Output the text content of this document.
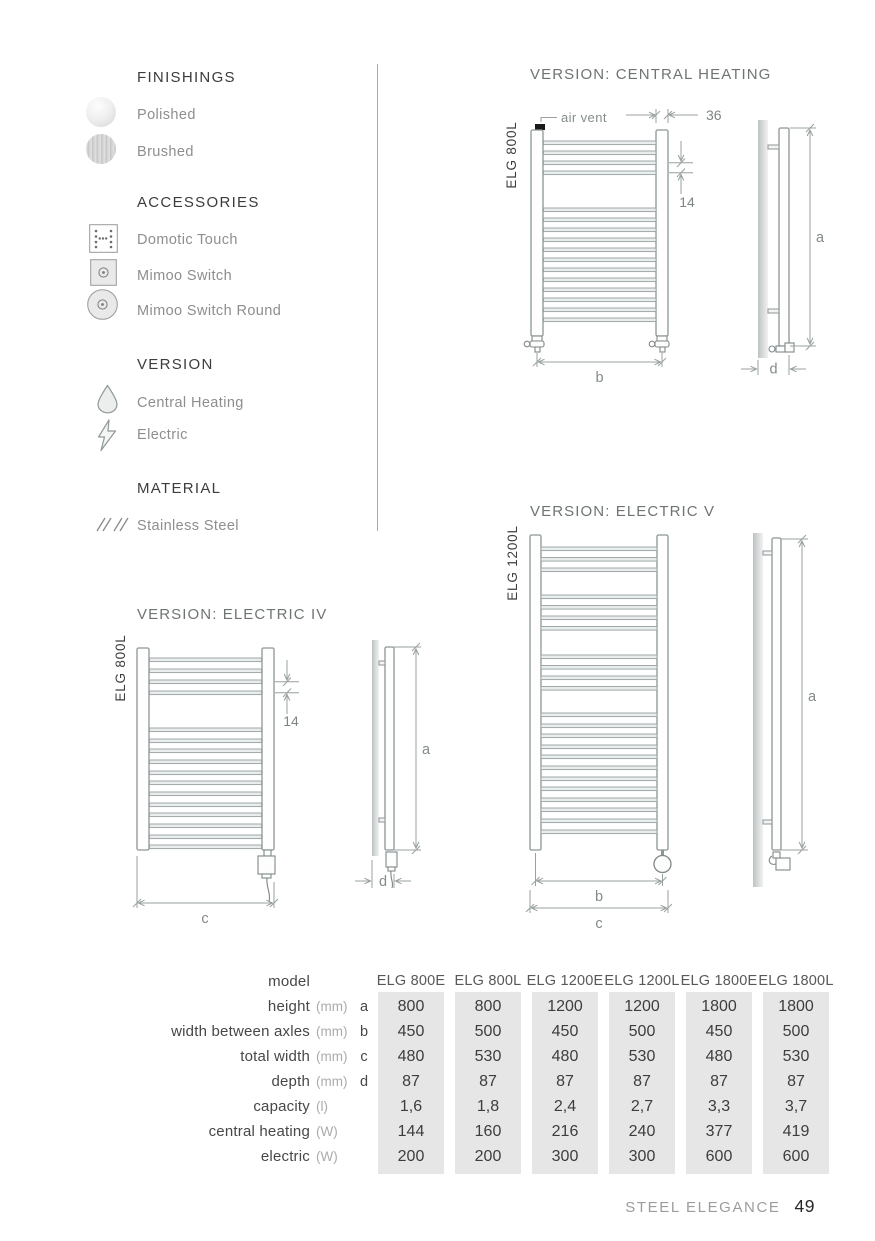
FINISHINGS
Polished
Brushed
ACCESSORIES
Domotic Touch
Mimoo Switch
Mimoo Switch Round
VERSION
Central Heating
Electric
MATERIAL
Stainless Steel
VERSION: CENTRAL HEATING
ELG 800L
air vent	36
14
b
a
d
VERSION: ELECTRIC IV
ELG 800L
14
c
a
d
VERSION: ELECTRIC V
ELG 1200L
b
c
a
model	ELG 800E ELG 800L ELG 1200E ELG 1200L ELG 1800E ELG 1800L
height (mm) a	800	800	1200	1200	1800	1800
width between axles (mm) b	450	500	450	500	450	500
total width (mm) c	480	530	480	530	480	530
depth (mm) d	87	87	87	87	87	87
capacity (l)	1,6	1,8	2,4	2,7	3,3	3,7
central heating (W)	144	160	216	240	377	419
electric (W)	200	200	300	300	600	600
STEEL ELEGANCE 49
